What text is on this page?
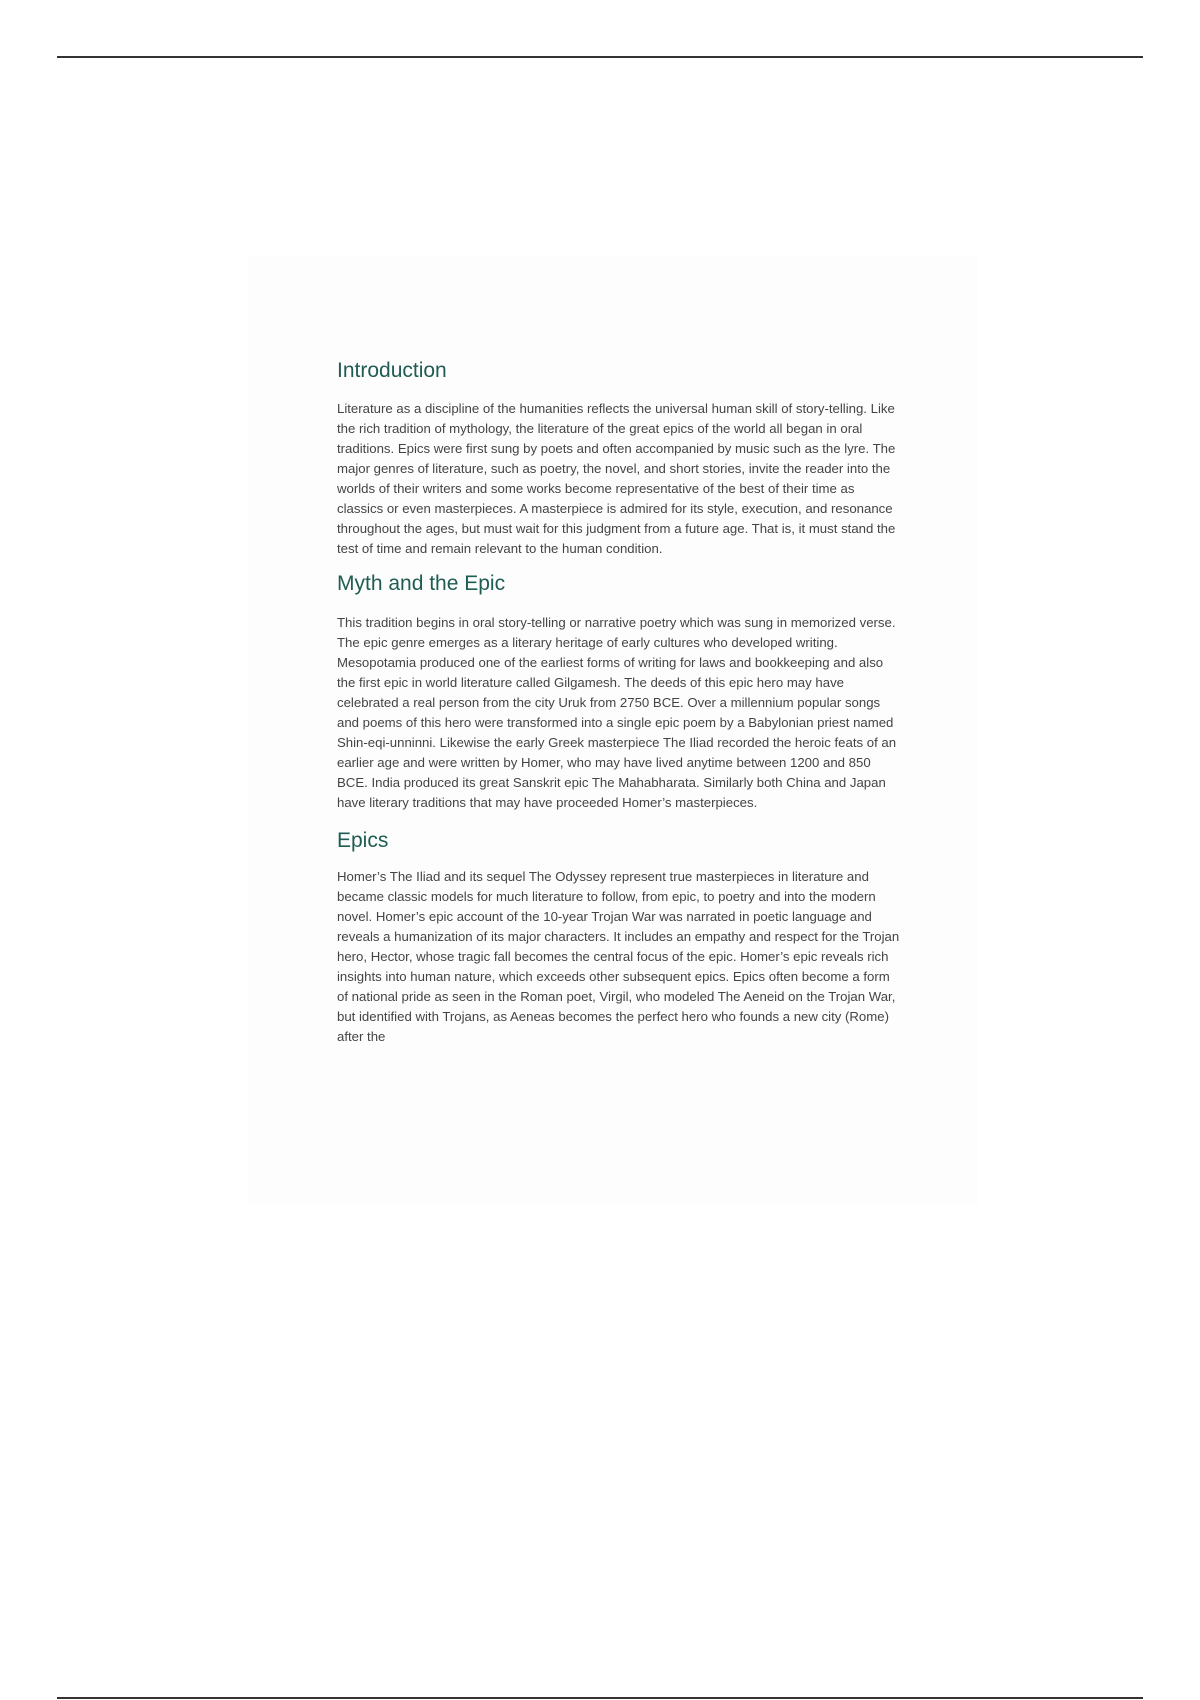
Introduction

Literature as a discipline of the humanities reflects the universal human skill of story-telling. Like the rich tradition of mythology, the literature of the great epics of the world all began in oral traditions. Epics were first sung by poets and often accompanied by music such as the lyre. The major genres of literature, such as poetry, the novel, and short stories, invite the reader into the worlds of their writers and some works become representative of the best of their time as classics or even masterpieces. A masterpiece is admired for its style, execution, and resonance throughout the ages, but must wait for this judgment from a future age. That is, it must stand the test of time and remain relevant to the human condition.

Myth and the Epic

This tradition begins in oral story-telling or narrative poetry which was sung in memorized verse. The epic genre emerges as a literary heritage of early cultures who developed writing. Mesopotamia produced one of the earliest forms of writing for laws and bookkeeping and also the first epic in world literature called Gilgamesh. The deeds of this epic hero may have celebrated a real person from the city Uruk from 2750 BCE. Over a millennium popular songs and poems of this hero were transformed into a single epic poem by a Babylonian priest named Shin-eqi-unninni. Likewise the early Greek masterpiece The Iliad recorded the heroic feats of an earlier age and were written by Homer, who may have lived anytime between 1200 and 850 BCE. India produced its great Sanskrit epic The Mahabharata. Similarly both China and Japan have literary traditions that may have proceeded Homer’s masterpieces.

Epics

Homer’s The Iliad and its sequel The Odyssey represent true masterpieces in literature and became classic models for much literature to follow, from epic, to poetry and into the modern novel. Homer’s epic account of the 10-year Trojan War was narrated in poetic language and reveals a humanization of its major characters. It includes an empathy and respect for the Trojan hero, Hector, whose tragic fall becomes the central focus of the epic. Homer’s epic reveals rich insights into human nature, which exceeds other subsequent epics. Epics often become a form of national pride as seen in the Roman poet, Virgil, who modeled The Aeneid on the Trojan War, but identified with Trojans, as Aeneas becomes the perfect hero who founds a new city (Rome) after the
